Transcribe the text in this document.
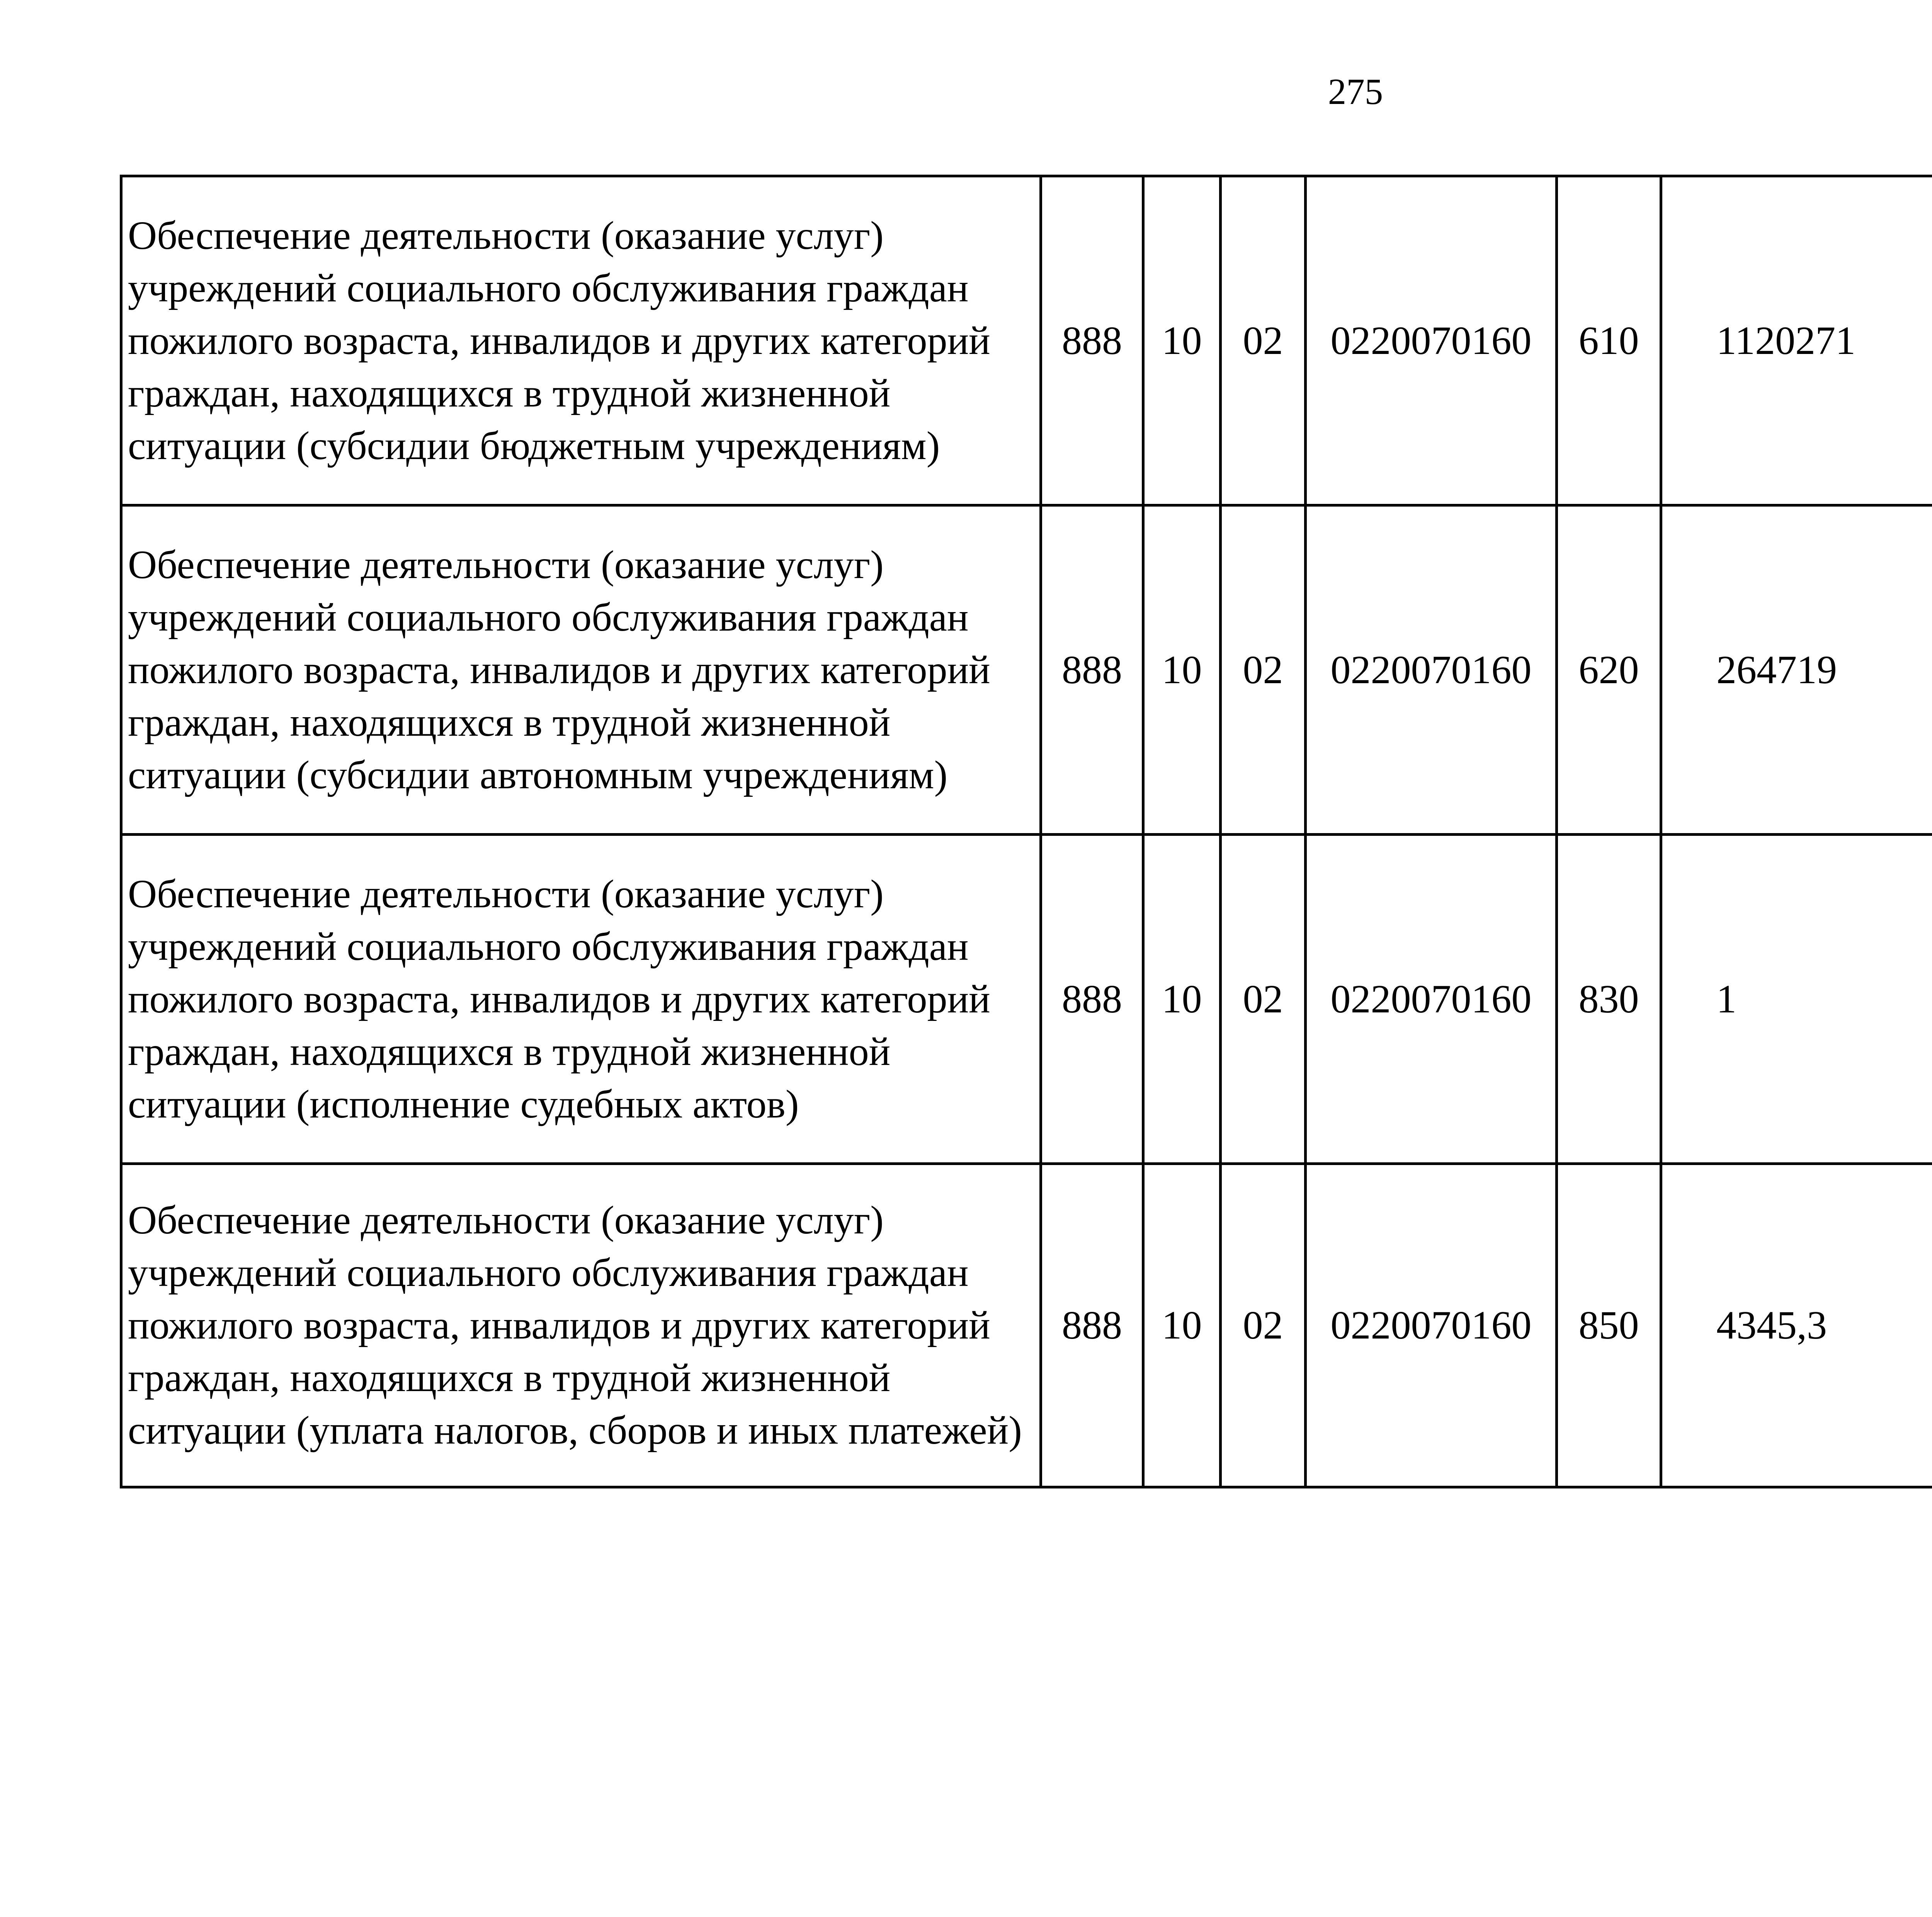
275
Обеспечение деятельности (оказание услуг) учреждений социального обслуживания граждан пожилого возраста, инвалидов и других категорий граждан, находящихся в трудной жизненной ситуации (субсидии бюджетным учреждениям)	888	10	02	0220070160	610	1120271		
Обеспечение деятельности (оказание услуг) учреждений социального обслуживания граждан пожилого возраста, инвалидов и других категорий граждан, находящихся в трудной жизненной ситуации (субсидии автономным учреждениям)	888	10	02	0220070160	620	264719		
Обеспечение деятельности (оказание услуг) учреждений социального обслуживания граждан пожилого возраста, инвалидов и других категорий граждан, находящихся в трудной жизненной ситуации (исполнение судебных актов)	888	10	02	0220070160	830	1		
Обеспечение деятельности (оказание услуг) учреждений социального обслуживания граждан пожилого возраста, инвалидов и других категорий граждан, находящихся в трудной жизненной ситуации (уплата налогов, сборов и иных платежей)	888	10	02	0220070160	850	4345,3		
